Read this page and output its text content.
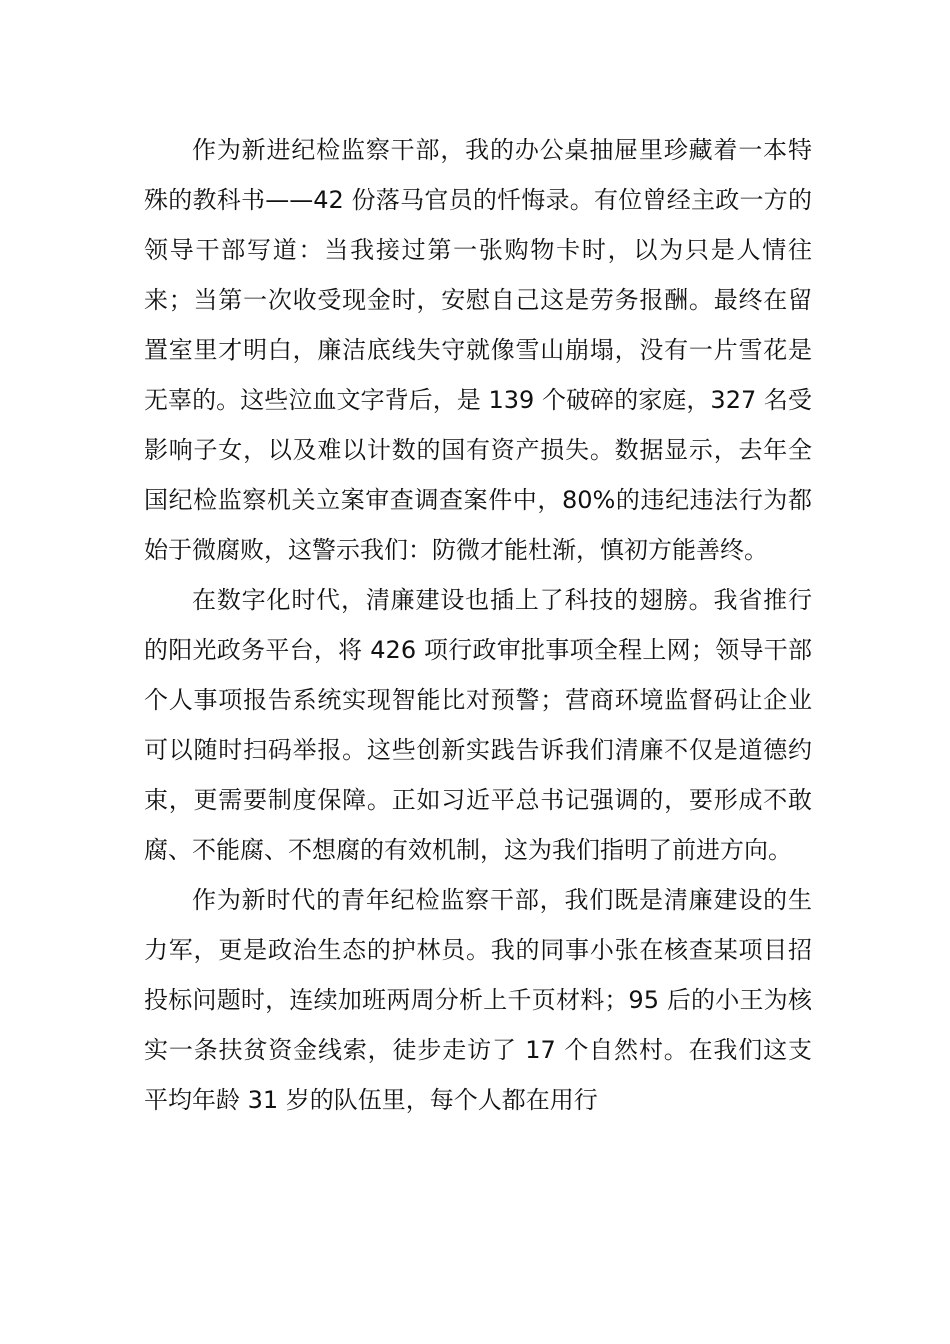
作为新进纪检监察干部，我的办公桌抽屉里珍藏着一本特殊的教科书——42 份落马官员的忏悔录。有位曾经主政一方的领导干部写道：当我接过第一张购物卡时，以为只是人情往来；当第一次收受现金时，安慰自己这是劳务报酬。最终在留置室里才明白，廉洁底线失守就像雪山崩塌，没有一片雪花是无辜的。这些泣血文字背后，是 139 个破碎的家庭，327 名受影响子女，以及难以计数的国有资产损失。数据显示，去年全国纪检监察机关立案审查调查案件中，80%的违纪违法行为都始于微腐败，这警示我们：防微才能杜渐，慎初方能善终。

在数字化时代，清廉建设也插上了科技的翅膀。我省推行的阳光政务平台，将 426 项行政审批事项全程上网；领导干部个人事项报告系统实现智能比对预警；营商环境监督码让企业可以随时扫码举报。这些创新实践告诉我们清廉不仅是道德约束，更需要制度保障。正如习近平总书记强调的，要形成不敢腐、不能腐、不想腐的有效机制，这为我们指明了前进方向。

作为新时代的青年纪检监察干部，我们既是清廉建设的生力军，更是政治生态的护林员。我的同事小张在核查某项目招投标问题时，连续加班两周分析上千页材料；95 后的小王为核实一条扶贫资金线索，徒步走访了 17 个自然村。在我们这支平均年龄 31 岁的队伍里，每个人都在用行
